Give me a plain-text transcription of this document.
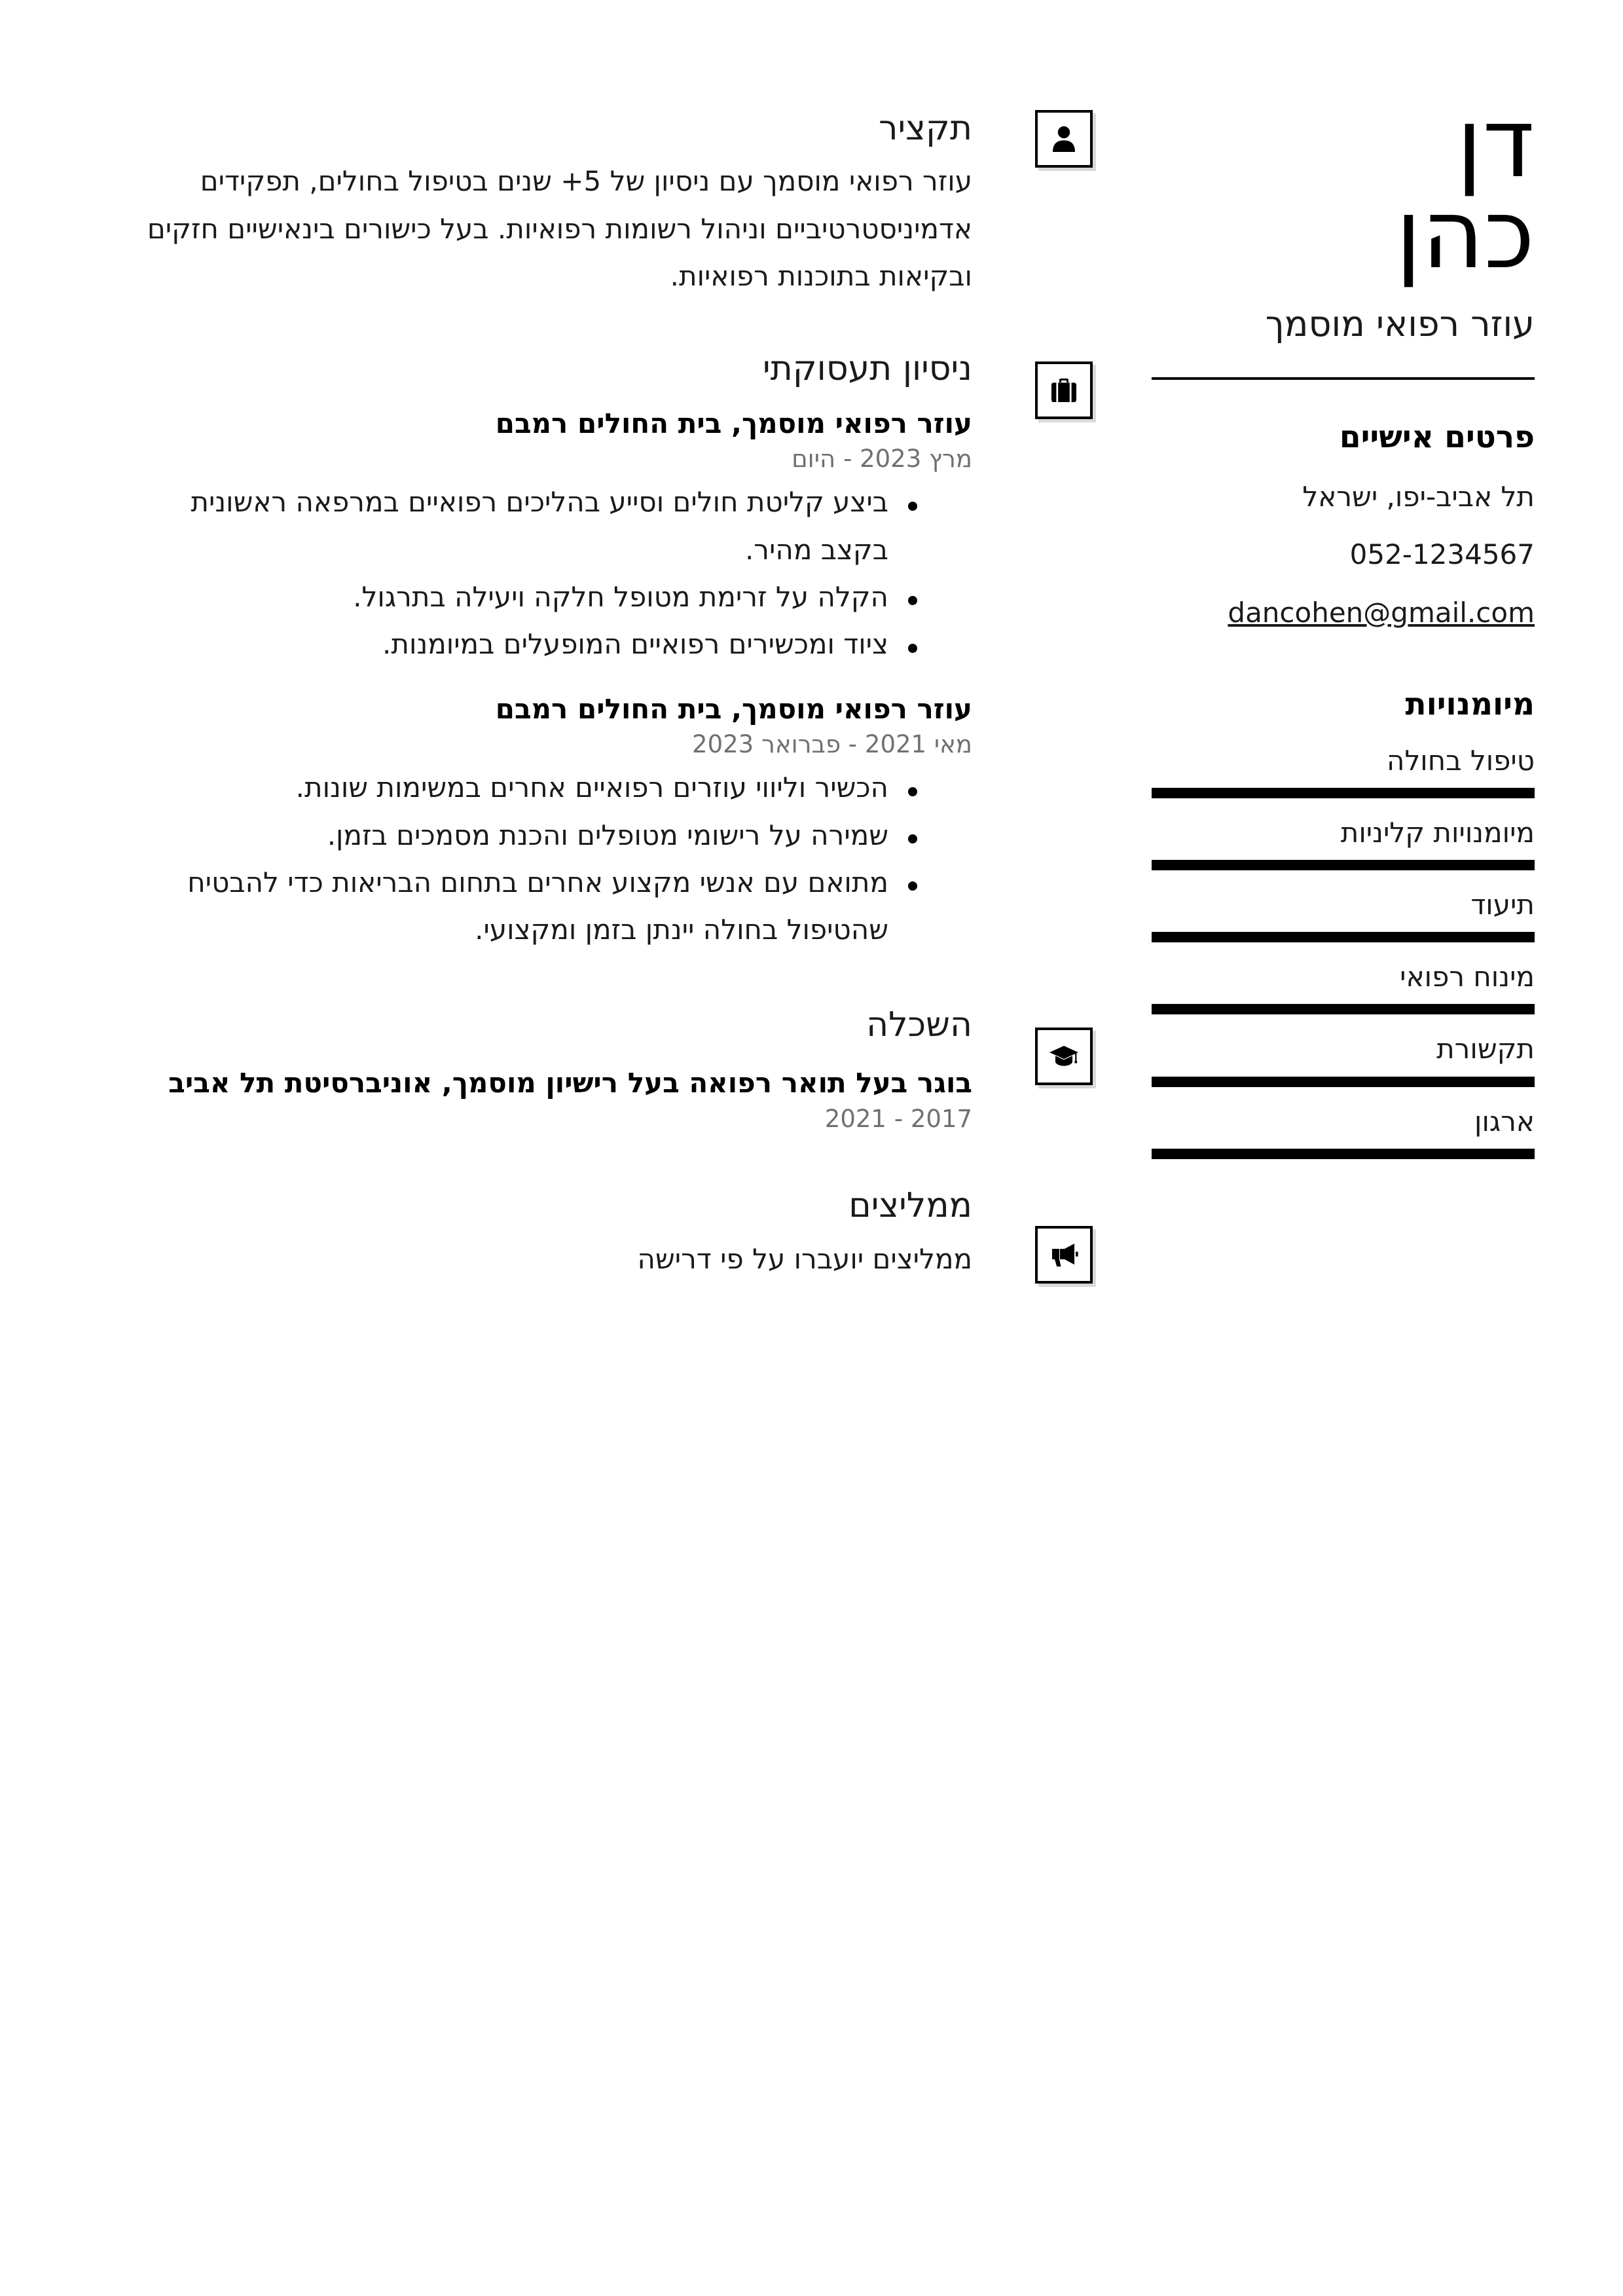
דן
כהן
עוזר רפואי מוסמך
פרטים אישיים
תל אביב-יפו, ישראל
052-1234567
dancohen@gmail.com
מיומנויות
טיפול בחולה
מיומנויות קליניות
תיעוד
מינוח רפואי
תקשורת
ארגון
תקציר

עוזר רפואי מוסמך עם ניסיון של 5+ שנים בטיפול בחולים, תפקידים אדמיניסטרטיביים וניהול רשומות רפואיות. בעל כישורים בינאישיים חזקים ובקיאות בתוכנות רפואיות.

ניסיון תעסוקתי
עוזר רפואי מוסמך, בית החולים רמבם
מרץ 2023 - היום
ביצע קליטת חולים וסייע בהליכים רפואיים במרפאה ראשונית בקצב מהיר.
הקלה על זרימת מטופל חלקה ויעילה בתרגול.
ציוד ומכשירים רפואיים המופעלים במיומנות.
עוזר רפואי מוסמך, בית החולים רמבם
מאי 2021 - פברואר 2023
הכשיר וליווי עוזרים רפואיים אחרים במשימות שונות.
שמירה על רישומי מטופלים והכנת מסמכים בזמן.
מתואם עם אנשי מקצוע אחרים בתחום הבריאות כדי להבטיח שהטיפול בחולה יינתן בזמן ומקצועי.
השכלה
בוגר בעל תואר רפואה בעל רישיון מוסמך, אוניברסיטת תל אביב
2017 - 2021
ממליצים

ממליצים יועברו על פי דרישה
